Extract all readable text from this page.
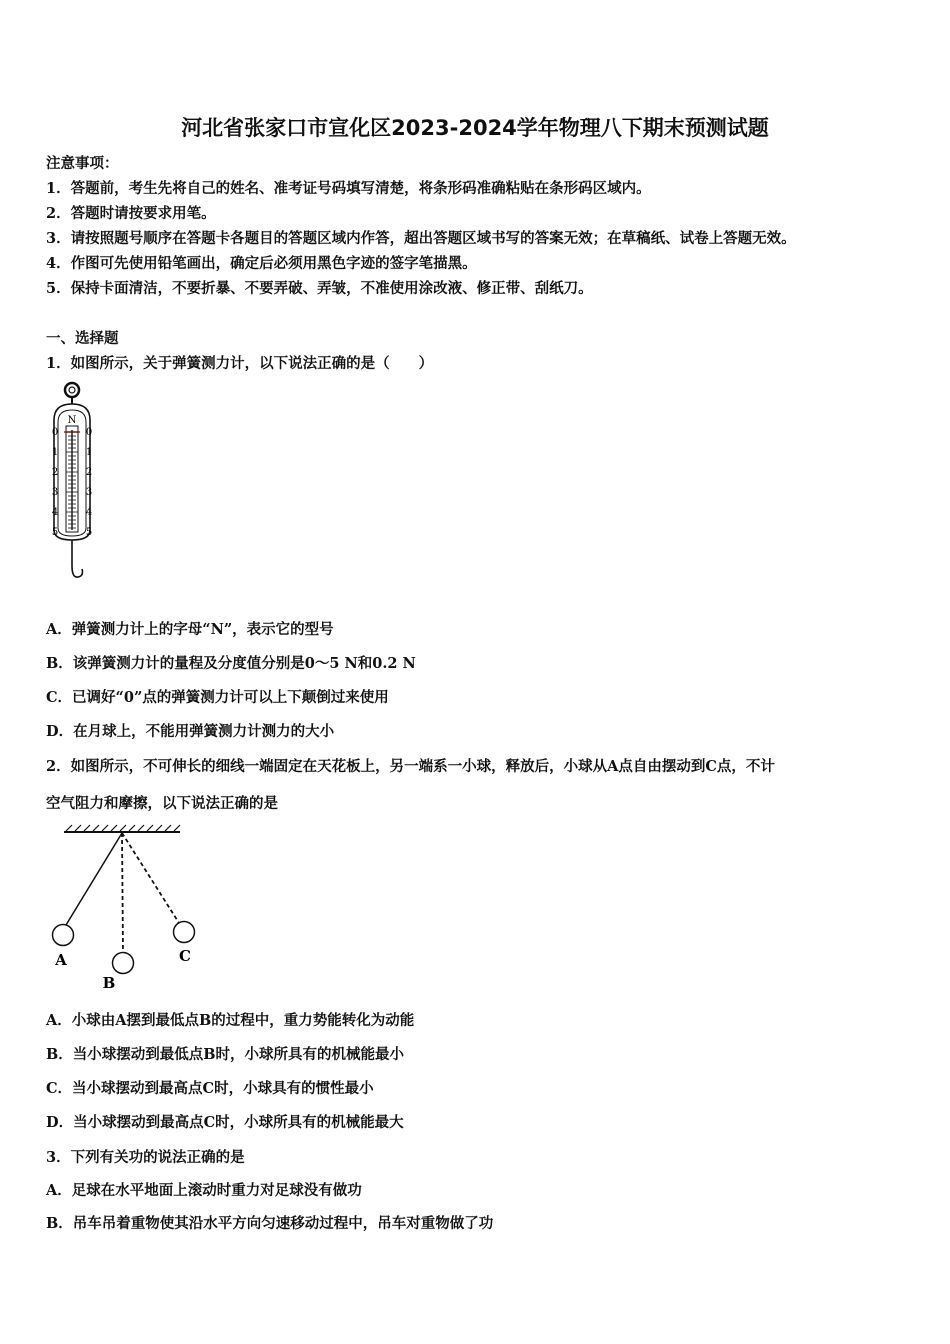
河北省张家口市宣化区2023-2024学年物理八下期末预测试题
注意事项：
1．答题前，考生先将自己的姓名、准考证号码填写清楚，将条形码准确粘贴在条形码区域内。
2．答题时请按要求用笔。
3．请按照题号顺序在答题卡各题目的答题区域内作答，超出答题区域书写的答案无效；在草稿纸、试卷上答题无效。
4．作图可先使用铅笔画出，确定后必须用黑色字迹的签字笔描黑。
5．保持卡面清洁，不要折暴、不要弄破、弄皱，不准使用涂改液、修正带、刮纸刀。
一、选择题
1．如图所示，关于弹簧测力计，以下说法正确的是（　　）
N
0
1
2
3
4
5
0
1
2
3
4
5
A．弹簧测力计上的字母“N”，表示它的型号
B．该弹簧测力计的量程及分度值分别是0～5 N和0.2 N
C．已调好“0”点的弹簧测力计可以上下颠倒过来使用
D．在月球上，不能用弹簧测力计测力的大小
2．如图所示，不可伸长的细线一端固定在天花板上，另一端系一小球，释放后，小球从A点自由摆动到C点，不计
空气阻力和摩擦，以下说法正确的是
A
B
C
A．小球由A摆到最低点B的过程中，重力势能转化为动能
B．当小球摆动到最低点B时，小球所具有的机械能最小
C．当小球摆动到最高点C时，小球具有的惯性最小
D．当小球摆动到最高点C时，小球所具有的机械能最大
3．下列有关功的说法正确的是
A．足球在水平地面上滚动时重力对足球没有做功
B．吊车吊着重物使其沿水平方向匀速移动过程中，吊车对重物做了功
